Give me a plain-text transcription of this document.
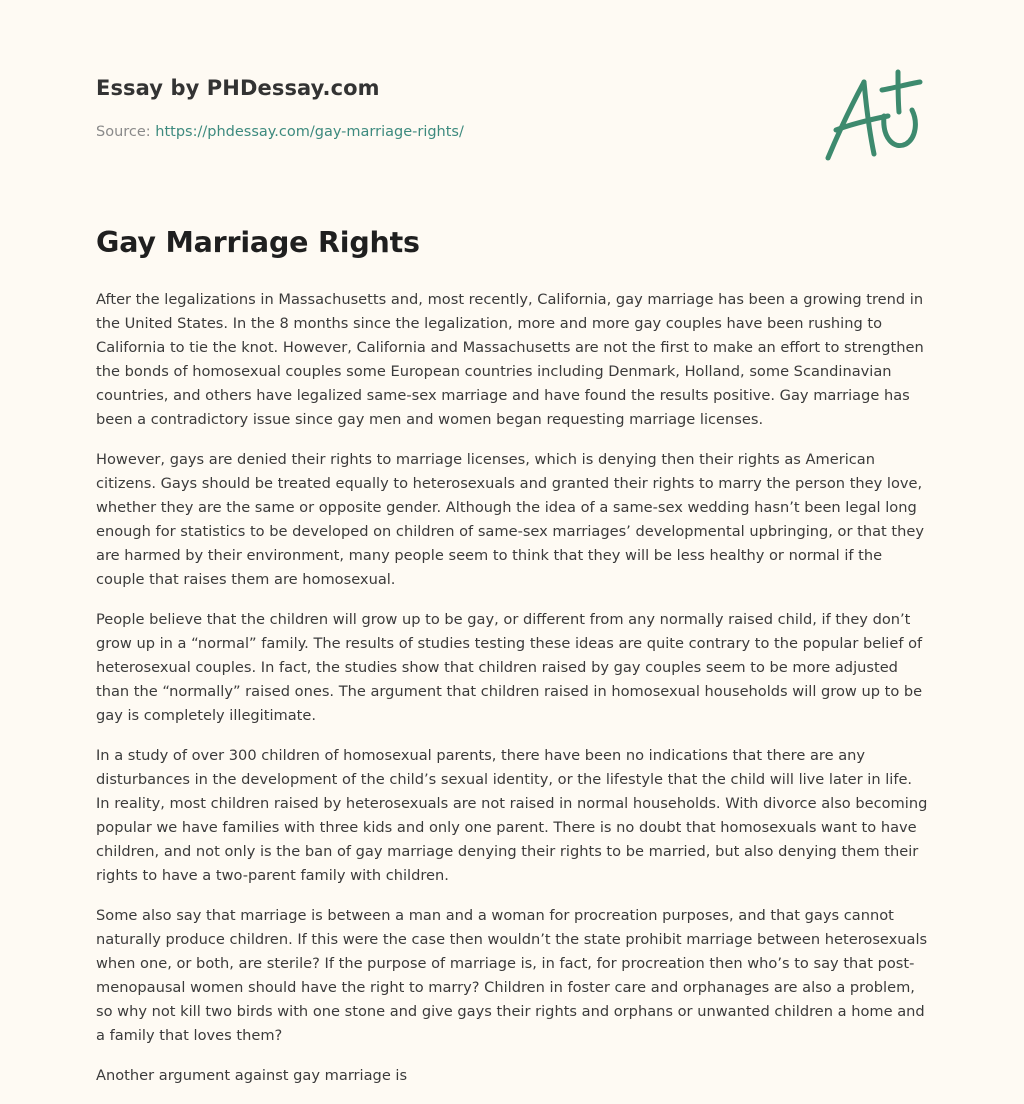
Essay by PHDessay.com
Source: https://phdessay.com/gay-marriage-rights/
Gay Marriage Rights

After the legalizations in Massachusetts and, most recently, California, gay marriage has been a growing trend in the United States. In the 8 months since the legalization, more and more gay couples have been rushing to California to tie the knot. However, California and Massachusetts are not the first to make an effort to strengthen the bonds of homosexual couples some European countries including Denmark, Holland, some Scandinavian countries, and others have legalized same-sex marriage and have found the results positive. Gay marriage has been a contradictory issue since gay men and women began requesting marriage licenses.

However, gays are denied their rights to marriage licenses, which is denying then their rights as American citizens. Gays should be treated equally to heterosexuals and granted their rights to marry the person they love, whether they are the same or opposite gender. Although the idea of a same-sex wedding hasn’t been legal long enough for statistics to be developed on children of same-sex marriages’ developmental upbringing, or that they are harmed by their environment, many people seem to think that they will be less healthy or normal if the couple that raises them are homosexual.

People believe that the children will grow up to be gay, or different from any normally raised child, if they don’t grow up in a “normal” family. The results of studies testing these ideas are quite contrary to the popular belief of heterosexual couples. In fact, the studies show that children raised by gay couples seem to be more adjusted than the “normally” raised ones. The argument that children raised in homosexual households will grow up to be gay is completely illegitimate.

In a study of over 300 children of homosexual parents, there have been no indications that there are any disturbances in the development of the child’s sexual identity, or the lifestyle that the child will live later in life. In reality, most children raised by heterosexuals are not raised in normal households. With divorce also becoming popular we have families with three kids and only one parent. There is no doubt that homosexuals want to have children, and not only is the ban of gay marriage denying their rights to be married, but also denying them their rights to have a two-parent family with children.

Some also say that marriage is between a man and a woman for procreation purposes, and that gays cannot naturally produce children. If this were the case then wouldn’t the state prohibit marriage between heterosexuals when one, or both, are sterile? If the purpose of marriage is, in fact, for procreation then who’s to say that post-menopausal women should have the right to marry? Children in foster care and orphanages are also a problem, so why not kill two birds with one stone and give gays their rights and orphans or unwanted children a home and a family that loves them?

Another argument against gay marriage is
